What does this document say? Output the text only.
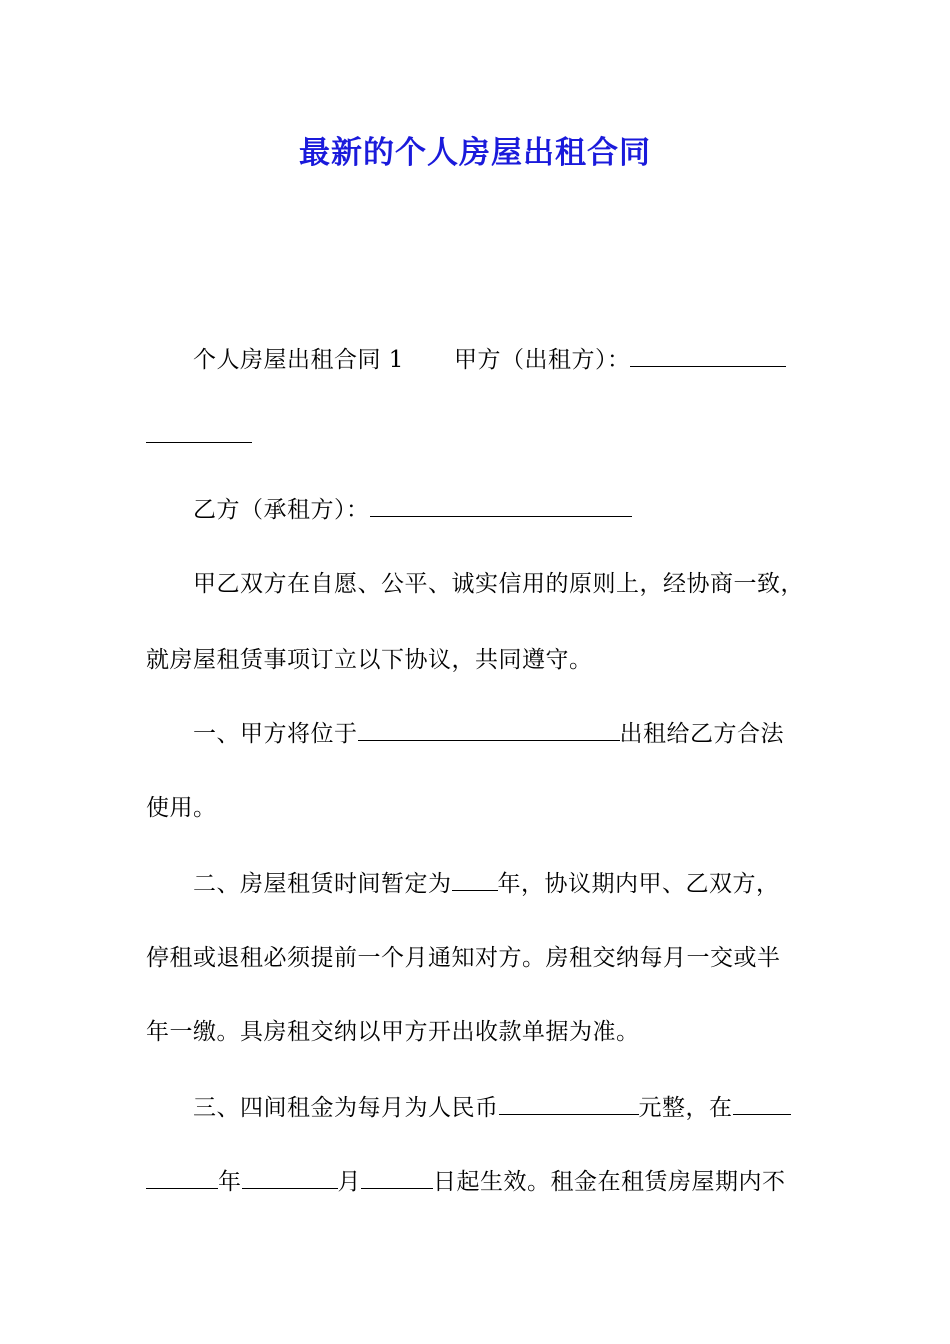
最新的个人房屋出租合同
个人房屋出租合同 1 甲方（出租方）：
乙方（承租方）：
甲乙双方在自愿、公平、诚实信用的原则上，经协商一致，
就房屋租赁事项订立以下协议，共同遵守。
一、甲方将位于	出租给乙方合法
使用。
二、房屋租赁时间暂定为 年，协议期内甲、乙双方，
停租或退租必须提前一个月通知对方。房租交纳每月一交或半
年一缴。具房租交纳以甲方开出收款单据为准。
三、四间租金为每月为人民币	元整，在
年	月	日起生效。租金在租赁房屋期内不
